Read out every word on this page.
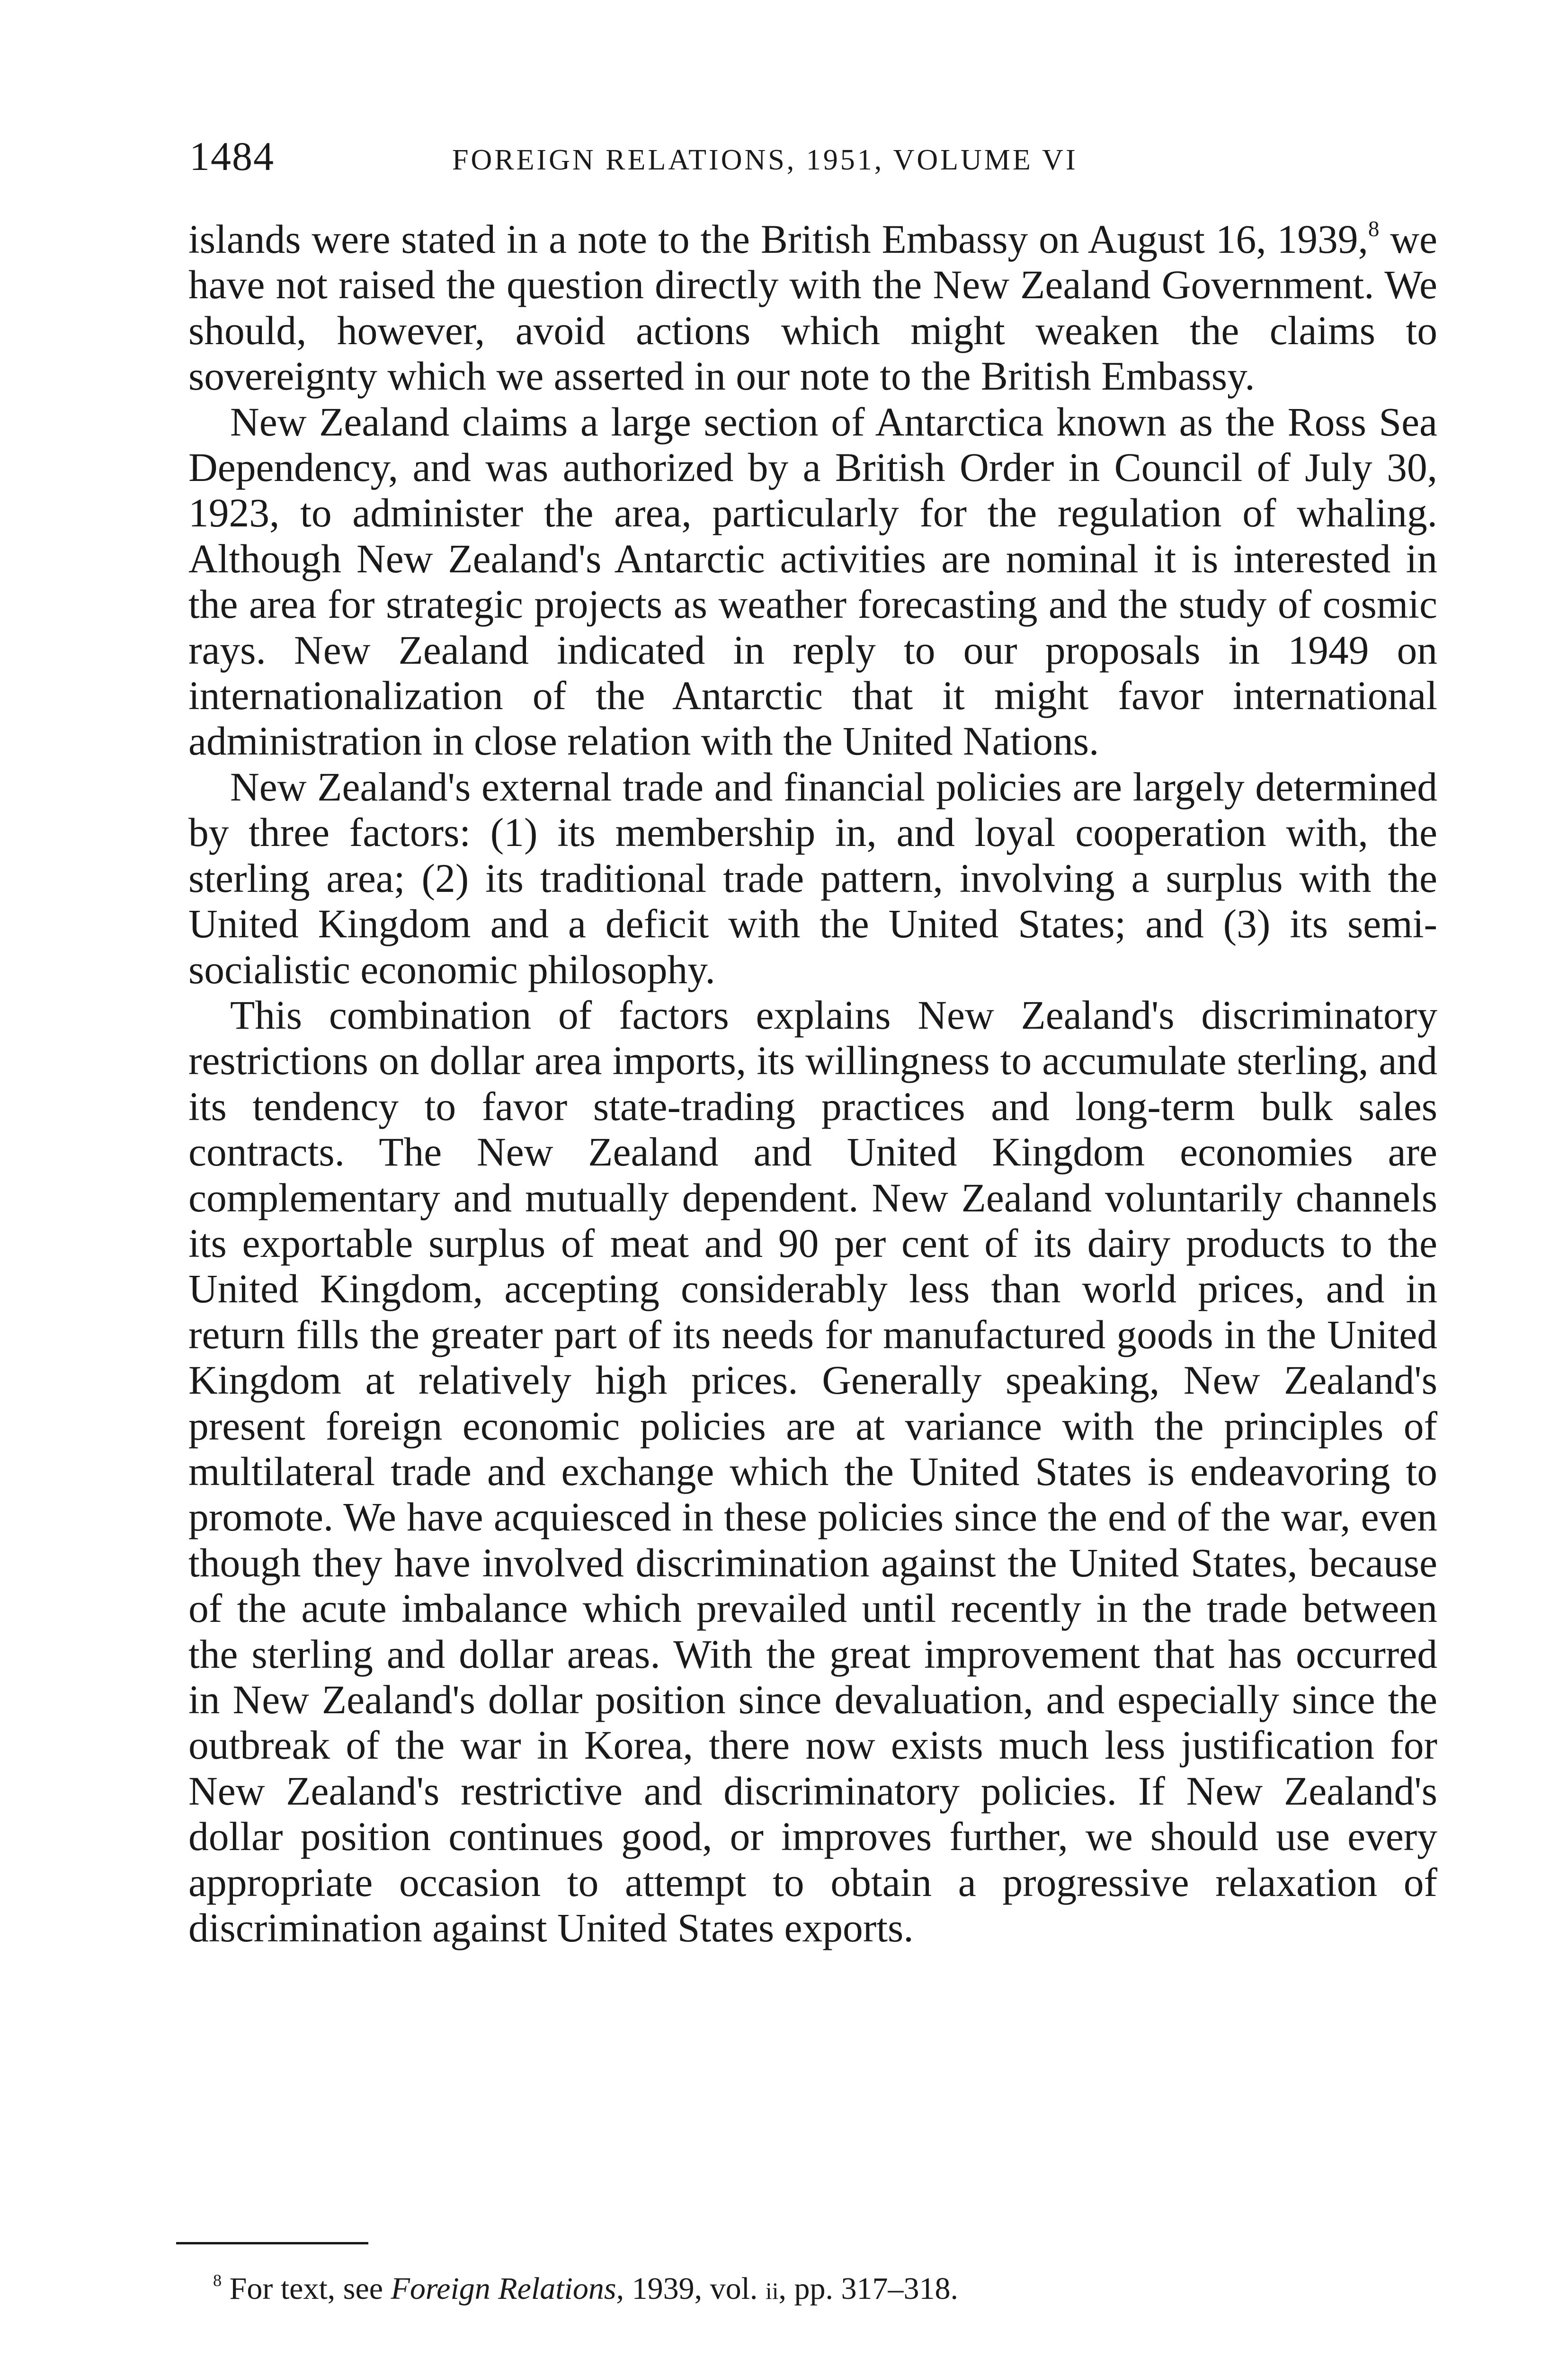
1484	FOREIGN RELATIONS, 1951, VOLUME VI

islands were stated in a note to the British Embassy on August 16, 1939,$^8$ we have not raised the question directly with the New Zealand Government. We should, however, avoid actions which might weaken the claims to sovereignty which we asserted in our note to the British Embassy.

New Zealand claims a large section of Antarctica known as the Ross Sea Dependency, and was authorized by a British Order in Council of July 30, 1923, to administer the area, particularly for the regulation of whaling. Although New Zealand's Antarctic activities are nominal it is interested in the area for strategic projects as weather forecasting and the study of cosmic rays. New Zealand indicated in reply to our proposals in 1949 on internationalization of the Antarctic that it might favor international administration in close relation with the United Nations.

New Zealand's external trade and financial policies are largely determined by three factors: (1) its membership in, and loyal cooperation with, the sterling area; (2) its traditional trade pattern, involving a surplus with the United Kingdom and a deficit with the United States; and (3) its semi-socialistic economic philosophy.

This combination of factors explains New Zealand's discriminatory restrictions on dollar area imports, its willingness to accumulate sterling, and its tendency to favor state-trading practices and long-term bulk sales contracts. The New Zealand and United Kingdom economies are complementary and mutually dependent. New Zealand voluntarily channels its exportable surplus of meat and 90 per cent of its dairy products to the United Kingdom, accepting considerably less than world prices, and in return fills the greater part of its needs for manufactured goods in the United Kingdom at relatively high prices. Generally speaking, New Zealand's present foreign economic policies are at variance with the principles of multilateral trade and exchange which the United States is endeavoring to promote. We have acquiesced in these policies since the end of the war, even though they have involved discrimination against the United States, because of the acute imbalance which prevailed until recently in the trade between the sterling and dollar areas. With the great improvement that has occurred in New Zealand's dollar position since devaluation, and especially since the outbreak of the war in Korea, there now exists much less justification for New Zealand's restrictive and discriminatory policies. If New Zealand's dollar position continues good, or improves further, we should use every appropriate occasion to attempt to obtain a progressive relaxation of discrimination against United States exports.

$^8$ For text, see Foreign Relations, 1939, vol. ii, pp. 317–318.
